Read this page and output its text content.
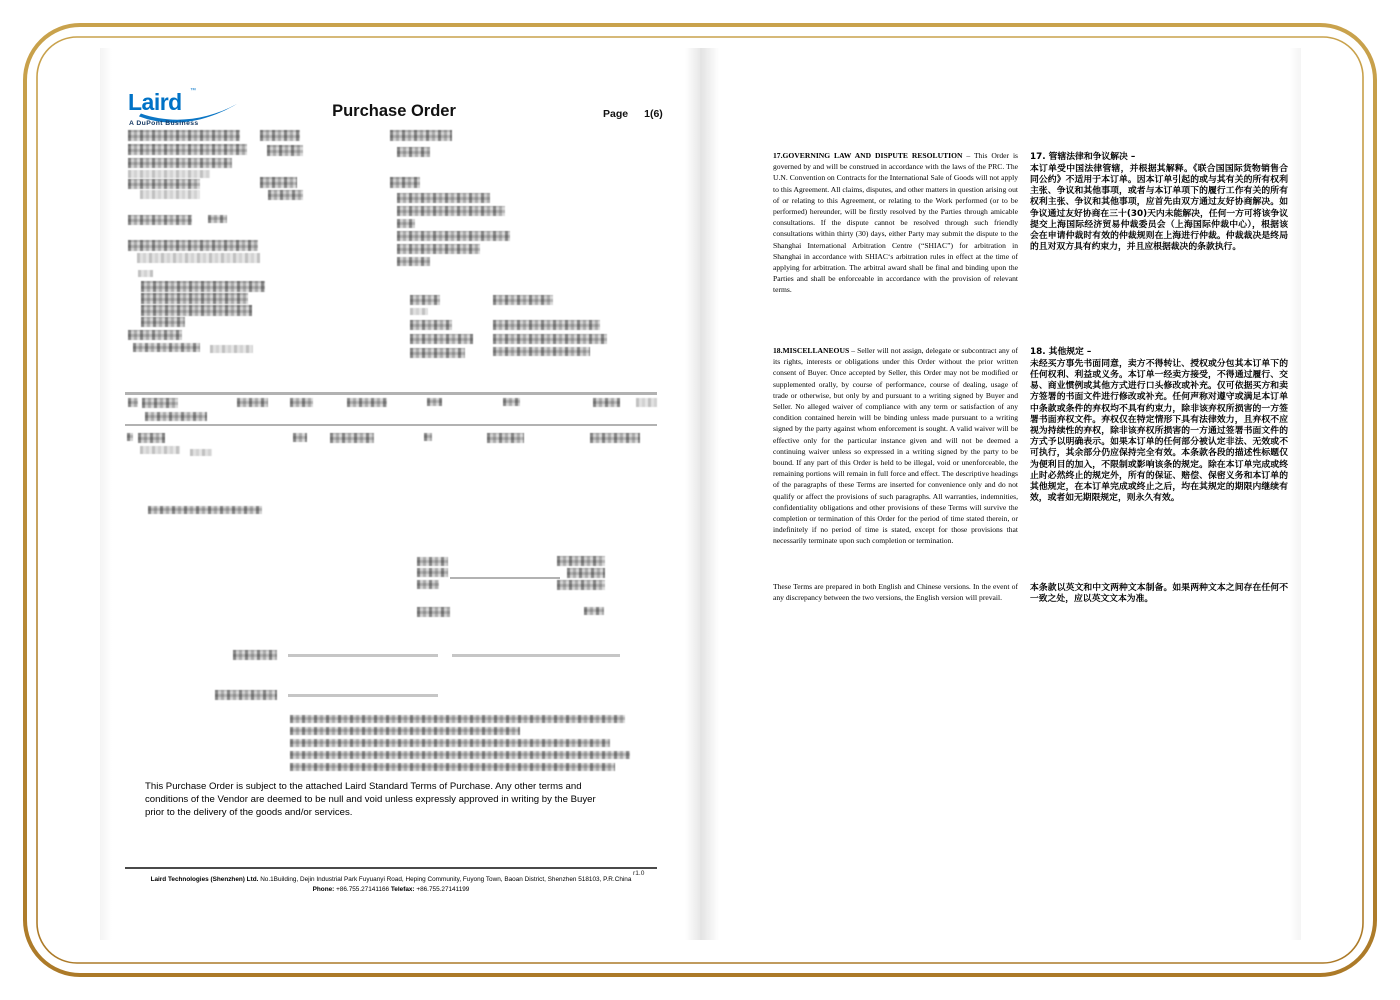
Laird ™
A DuPont Business
Purchase Order	Page 1(6)
This Purchase Order is subject to the attached Laird Standard Terms of Purchase. Any other terms and conditions of the Vendor are deemed to be null and void unless expressly approved in writing by the Buyer prior to the delivery of the goods and/or services.
r1.0
Laird Technologies (Shenzhen) Ltd. No.1Building, Dejin Industrial Park Fuyuanyi Road, Heping Community, Fuyong Town, Baoan District, Shenzhen 518103, P.R.China
Phone: +86.755.27141166 Telefax: +86.755.27141199
17.GOVERNING LAW AND DISPUTE RESOLUTION – This Order is governed by and will be construed in accordance with the laws of the PRC. The U.N. Convention on Contracts for the International Sale of Goods will not apply to this Agreement. All claims, disputes, and other matters in question arising out of or relating to this Agreement, or relating to the Work performed (or to be performed) hereunder, will be firstly resolved by the Parties through amicable consultations. If the dispute cannot be resolved through such friendly consultations within thirty (30) days, either Party may submit the dispute to the Shanghai International Arbitration Centre (“SHIAC”) for arbitration in Shanghai in accordance with SHIAC‘s arbitration rules in effect at the time of applying for arbitration. The arbitral award shall be final and binding upon the Parties and shall be enforceable in accordance with the provision of relevant terms.
17. 管辖法律和争议解决 –
本订单受中国法律管辖，并根据其解释。《联合国国际货物销售合同公约》不适用于本订单。因本订单引起的或与其有关的所有权利主张、争议和其他事项，或者与本订单项下的履行工作有关的所有权利主张、争议和其他事项，应首先由双方通过友好协商解决。如争议通过友好协商在三十(30)天内未能解决，任何一方可将该争议提交上海国际经济贸易仲裁委员会（上海国际仲裁中心），根据该会在申请仲裁时有效的仲裁规则在上海进行仲裁。仲裁裁决是终局的且对双方具有约束力，并且应根据裁决的条款执行。
18.MISCELLANEOUS – Seller will not assign, delegate or subcontract any of its rights, interests or obligations under this Order without the prior written consent of Buyer. Once accepted by Seller, this Order may not be modified or supplemented orally, by course of performance, course of dealing, usage of trade or otherwise, but only by and pursuant to a writing signed by Buyer and Seller. No alleged waiver of compliance with any term or satisfaction of any condition contained herein will be binding unless made pursuant to a writing signed by the party against whom enforcement is sought. A valid waiver will be effective only for the particular instance given and will not be deemed a continuing waiver unless so expressed in a writing signed by the party to be bound. If any part of this Order is held to be illegal, void or unenforceable, the remaining portions will remain in full force and effect. The descriptive headings of the paragraphs of these Terms are inserted for convenience only and do not qualify or affect the provisions of such paragraphs. All warranties, indemnities, confidentiality obligations and other provisions of these Terms will survive the completion or termination of this Order for the period of time stated therein, or indefinitely if no period of time is stated, except for those provisions that necessarily terminate upon such completion or termination.
18. 其他规定 –
未经买方事先书面同意，卖方不得转让、授权或分包其本订单下的任何权利、利益或义务。本订单一经卖方接受，不得通过履行、交易、商业惯例或其他方式进行口头修改或补充。仅可依据买方和卖方签署的书面文件进行修改或补充。任何声称对遵守或满足本订单中条款或条件的弃权均不具有约束力，除非该弃权所损害的一方签署书面弃权文件。弃权仅在特定情形下具有法律效力，且弃权不应视为持续性的弃权，除非该弃权所损害的一方通过签署书面文件的方式予以明确表示。如果本订单的任何部分被认定非法、无效或不可执行，其余部分仍应保持完全有效。本条款各段的描述性标题仅为便利目的加入，不限制或影响该条的规定。除在本订单完成或终止时必然终止的规定外，所有的保证、赔偿、保密义务和本订单的其他规定，在本订单完成或终止之后，均在其规定的期限内继续有效，或者如无期限规定，则永久有效。
These Terms are prepared in both English and Chinese versions. In the event of any discrepancy between the two versions, the English version will prevail.
本条款以英文和中文两种文本制备。如果两种文本之间存在任何不一致之处，应以英文文本为准。
